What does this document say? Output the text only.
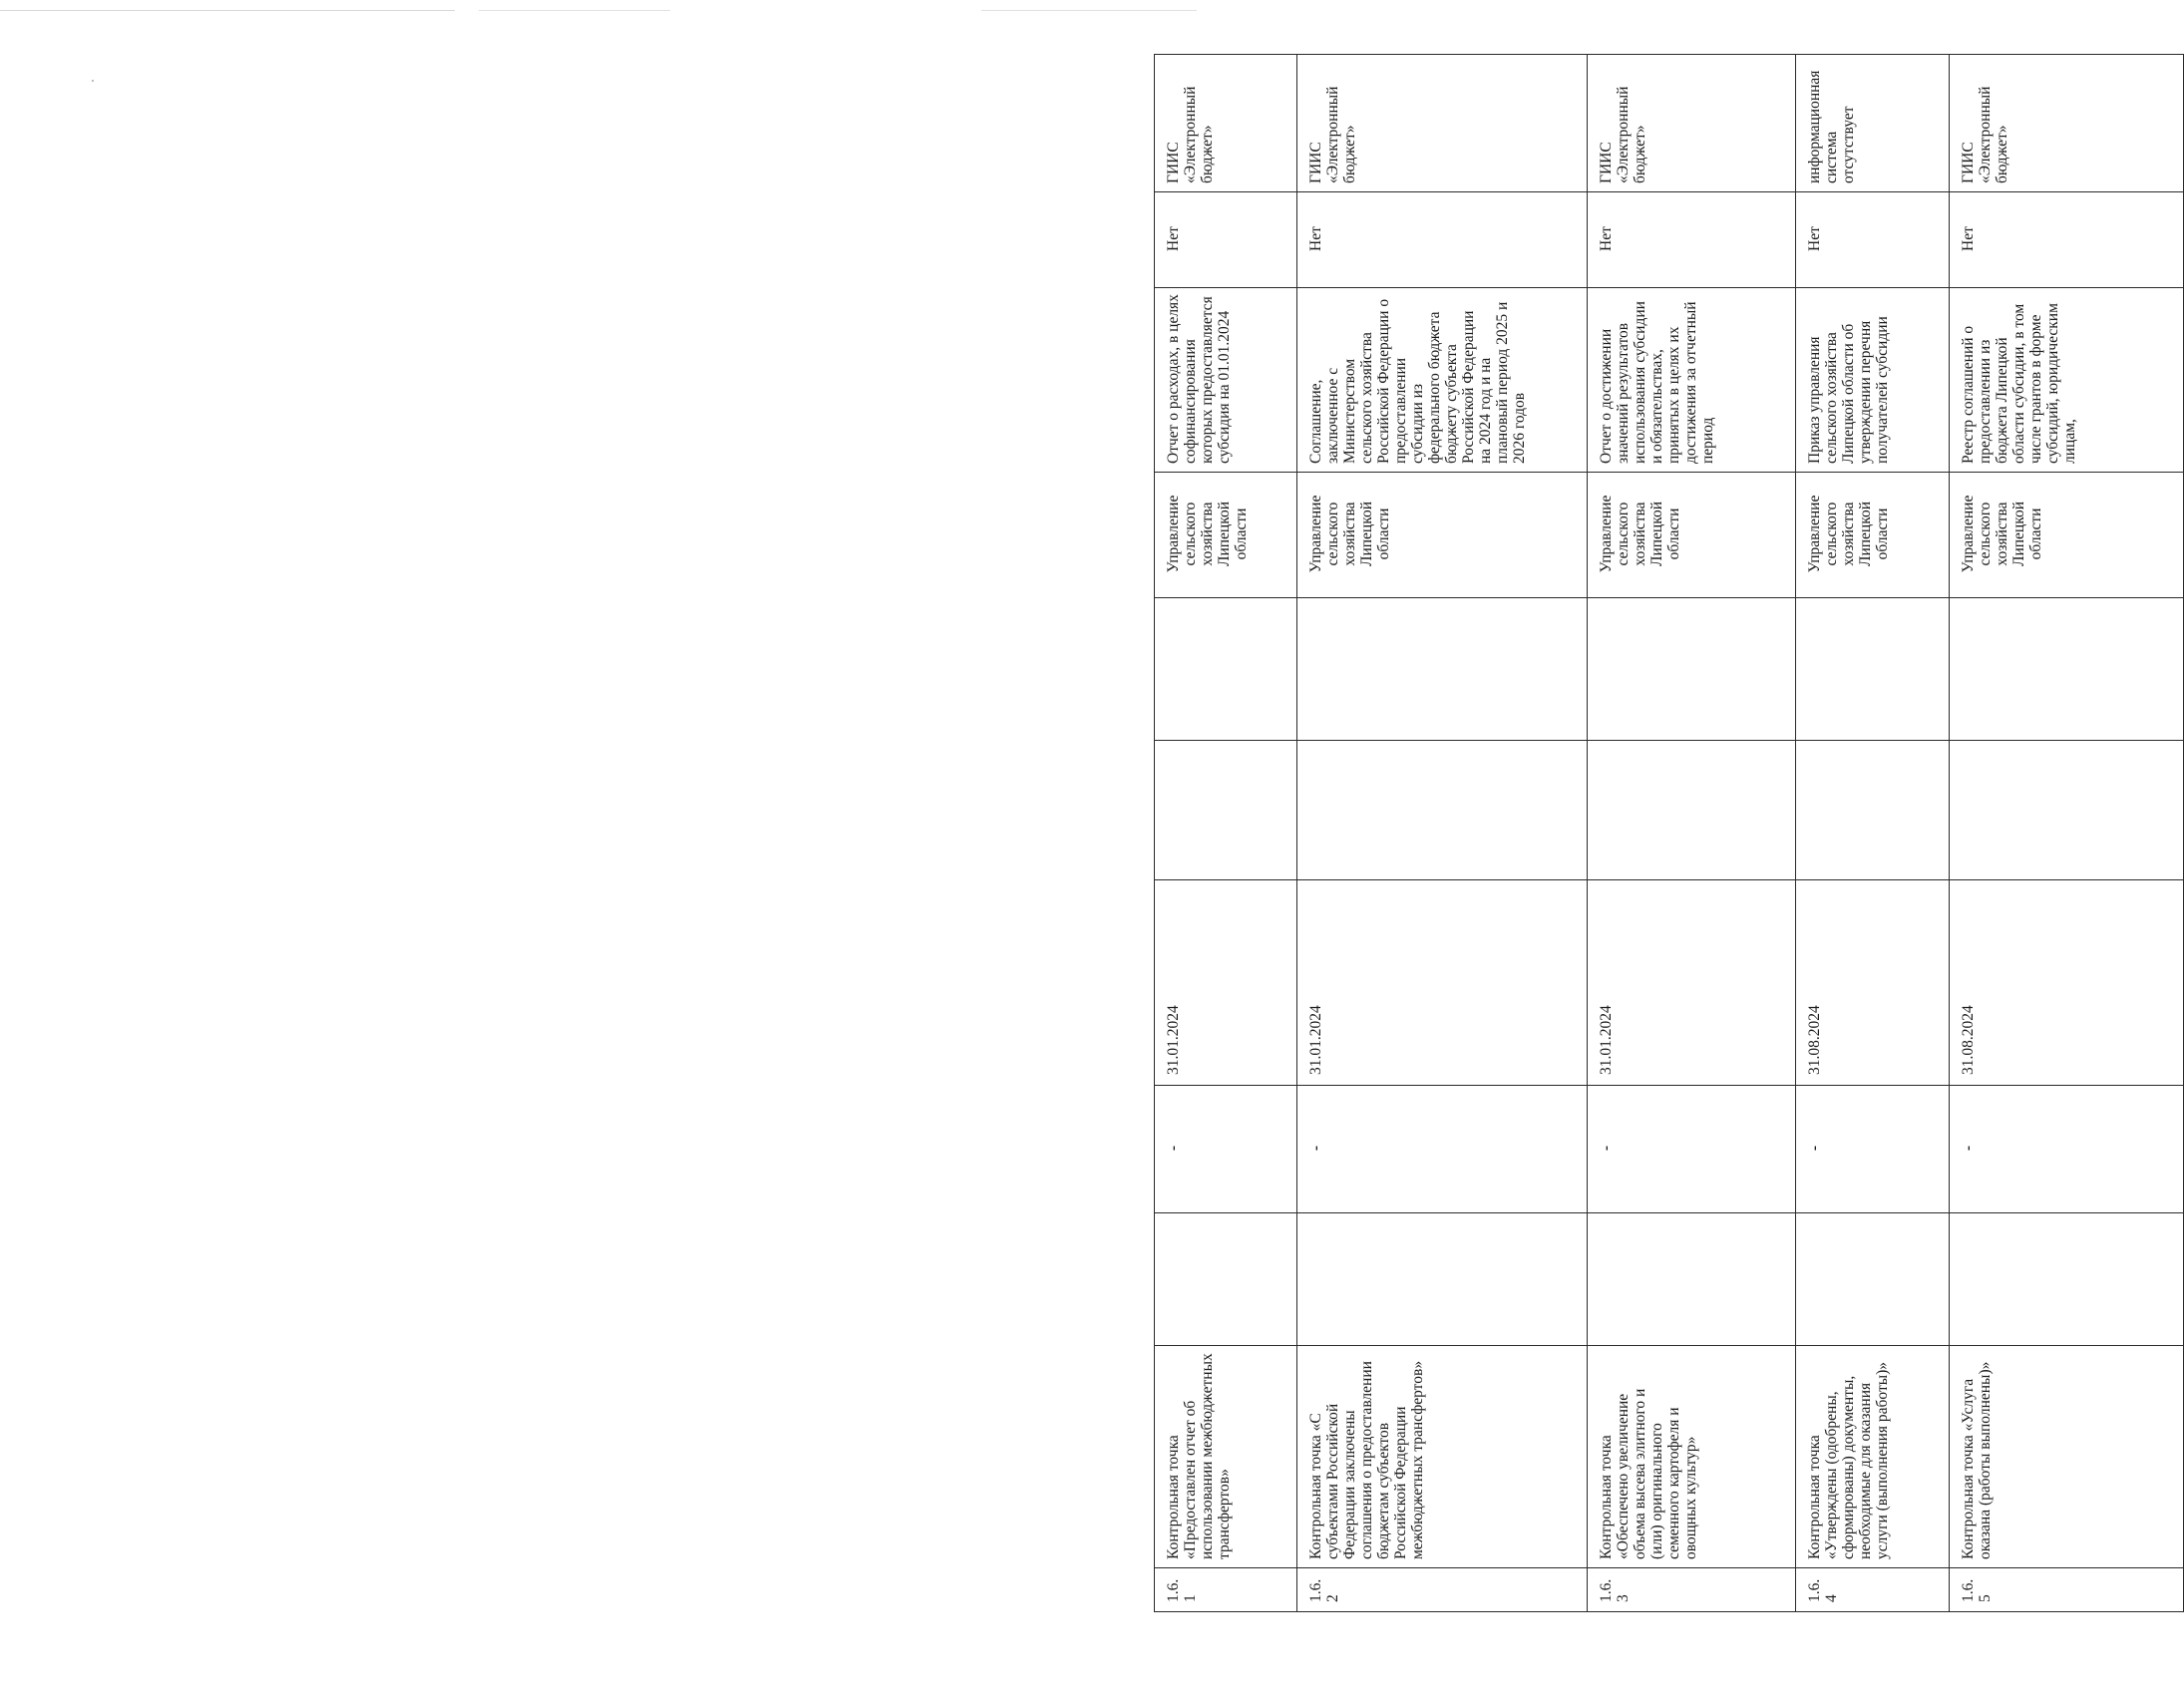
1.6.1	Контрольная точка «Предоставлен отчет об использовании межбюджетных трансфертов»		-	31.01.2024			Управление сельского хозяйства Липецкой области	Отчет о расходах, в целях софинансирования которых предоставляется субсидия на 01.01.2024	Нет	ГИИС «Электронный бюджет»
1.6.2	Контрольная точка «С субъектами Российской Федерации заключены соглашения о предоставлении бюджетам субъектов Российской Федерации межбюджетных трансфертов»		-	31.01.2024			Управление сельского хозяйства Липецкой области	Соглашение, заключенное с Министерством сельского хозяйства Российской Федерации о предоставлении субсидии из федерального бюджета бюджету субъекта Российской Федерации на 2024 год и на плановый период 2025 и 2026 годов	Нет	ГИИС «Электронный бюджет»
1.6.3	Контрольная точка «Обеспечено увеличение объема высева элитного и (или) оригинального семенного картофеля и овощных культур»		-	31.01.2024			Управление сельского хозяйства Липецкой области	Отчет о достижении значений результатов использования субсидии и обязательствах, принятых в целях их достижения за отчетный период	Нет	ГИИС «Электронный бюджет»
1.6.4	Контрольная точка «Утверждены (одобрены, сформированы) документы, необходимые для оказания услуги (выполнения работы)»		-	31.08.2024			Управление сельского хозяйства Липецкой области	Приказ управления сельского хозяйства Липецкой области об утверждении перечня получателей субсидии	Нет	информационная система отсутствует
1.6.5	Контрольная точка «Услуга оказана (работы выполнены)»		-	31.08.2024			Управление сельского хозяйства Липецкой области	Реестр соглашений о предоставлении из бюджета Липецкой области субсидии, в том числе грантов в форме субсидий, юридическим лицам,	Нет	ГИИС «Электронный бюджет»
